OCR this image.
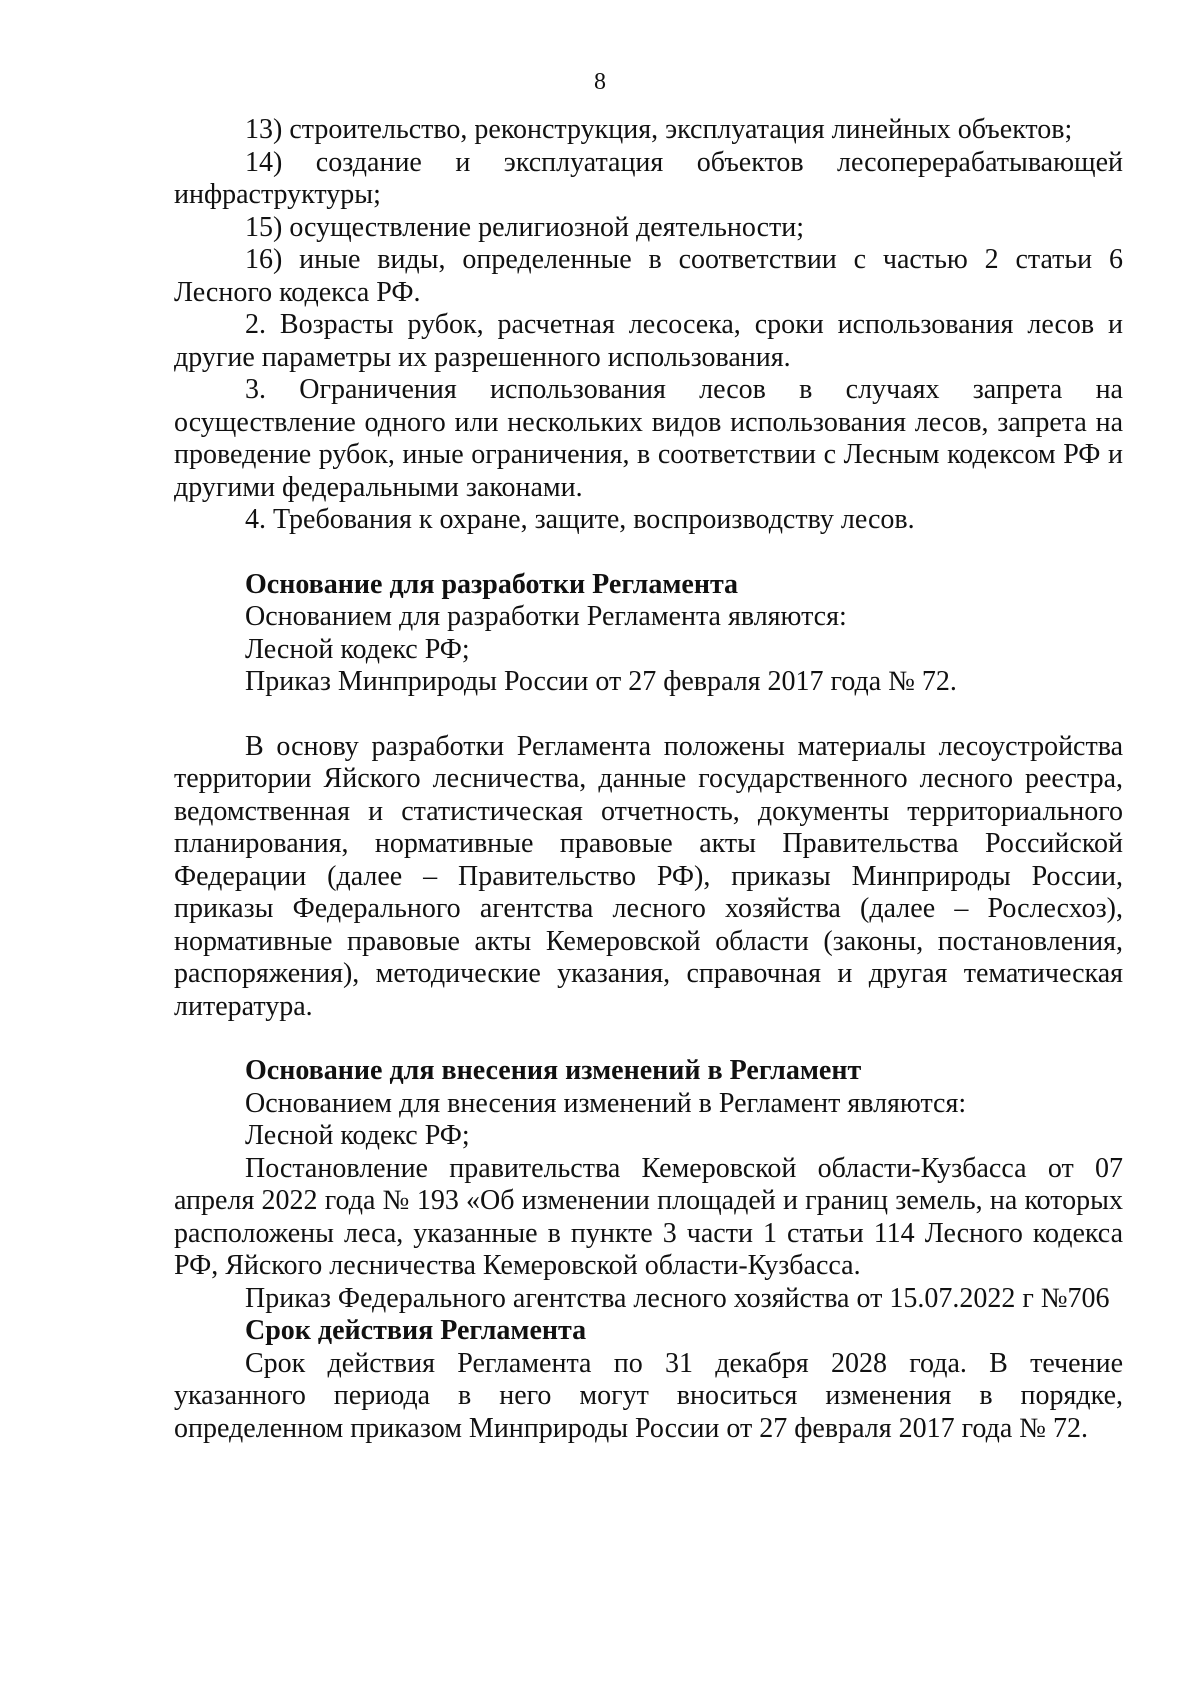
8

13) строительство, реконструкция, эксплуатация линейных объектов;

14) создание и эксплуатация объектов лесоперерабатывающей инфраструктуры;

15) осуществление религиозной деятельности;

16) иные виды, определенные в соответствии с частью 2 статьи 6 Лесного кодекса РФ.

2. Возрасты рубок, расчетная лесосека, сроки использования лесов и другие параметры их разрешенного использования.

3. Ограничения использования лесов в случаях запрета на осуществление одного или нескольких видов использования лесов, запрета на проведение рубок, иные ограничения, в соответствии с Лесным кодексом РФ и другими федеральными законами.

4. Требования к охране, защите, воспроизводству лесов.

Основание для разработки Регламента

Основанием для разработки Регламента являются:

Лесной кодекс РФ;

Приказ Минприроды России от 27 февраля 2017 года № 72.

В основу разработки Регламента положены материалы лесоустройства территории Яйского лесничества, данные государственного лесного реестра, ведомственная и статистическая отчетность, документы территориального планирования, нормативные правовые акты Правительства Российской Федерации (далее – Правительство РФ), приказы Минприроды России, приказы Федерального агентства лесного хозяйства (далее – Рослесхоз), нормативные правовые акты Кемеровской области (законы, постановления, распоряжения), методические указания, справочная и другая тематическая литература.

Основание для внесения изменений в Регламент

Основанием для внесения изменений в Регламент являются:

Лесной кодекс РФ;

Постановление правительства Кемеровской области-Кузбасса от 07 апреля 2022 года № 193 «Об изменении площадей и границ земель, на которых расположены леса, указанные в пункте 3 части 1 статьи 114 Лесного кодекса РФ, Яйского лесничества Кемеровской области-Кузбасса.

Приказ Федерального агентства лесного хозяйства от 15.07.2022 г №706

Срок действия Регламента

Срок действия Регламента по 31 декабря 2028 года. В течение указанного периода в него могут вноситься изменения в порядке, определенном приказом Минприроды России от 27 февраля 2017 года № 72.
